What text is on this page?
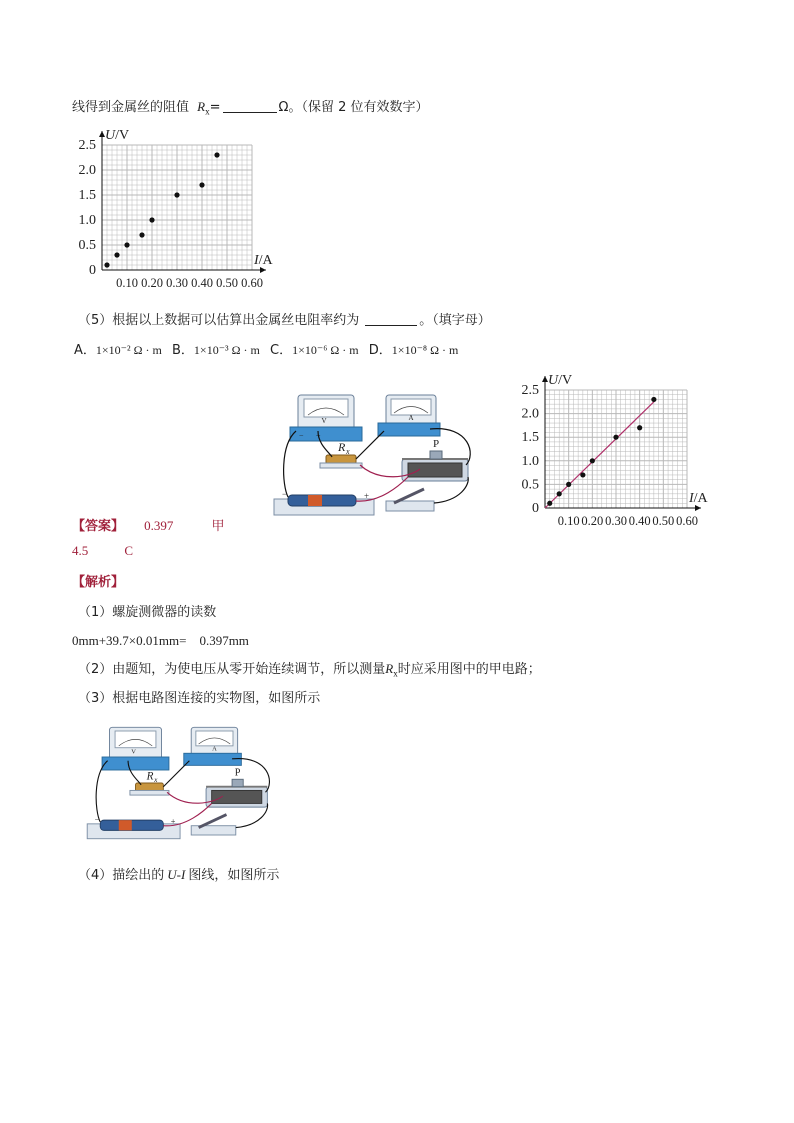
线得到金属丝的阻值 $R_x=$	Ω。（保留 2 位有效数字）
0
0.5
1.0
1.5
2.0
2.5
0.10 0.20 0.30 0.40 0.50 0.60
I/A
U/V
（5）根据以上数据可以估算出金属丝电阻率约为	。（填字母）
A．1×10⁻² Ω · m B．1×10⁻³ Ω · m C．1×10⁻⁶ Ω · m D．1×10⁻⁸ Ω · m
V
− +
A
R x
P
−	+
0
0.5
1.0
1.5
2.0
2.5
0.10 0.20 0.30 0.40 0.50 0.60
I/A
U/V
【答案】 0.397	甲
4.5	C
【解析】
（1）螺旋测微器的读数
0mm+39.7×0.01mm=　0.397mm
（2）由题知，为使电压从零开始连续调节，所以测量$R_x$时应采用图中的甲电路；
（3）根据电路图连接的实物图，如图所示
V	A
R x
P
−	+
（4）描绘出的 U-I 图线，如图所示
